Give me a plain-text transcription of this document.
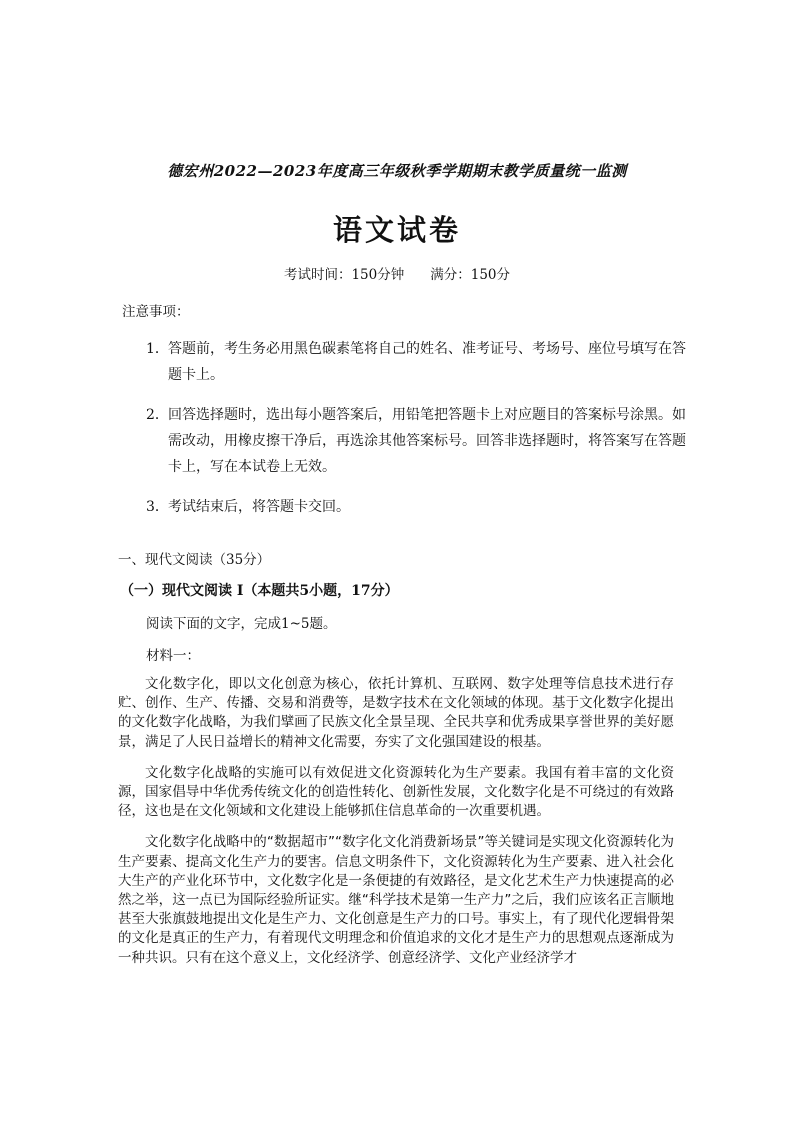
德宏州2022—2023年度高三年级秋季学期期末教学质量统一监测
语文试卷
考试时间：150分钟 满分：150分
注意事项：
1． 答题前，考生务必用黑色碳素笔将自己的姓名、准考证号、考场号、座位号填写在答题卡上。
2． 回答选择题时，选出每小题答案后，用铅笔把答题卡上对应题目的答案标号涂黑。如需改动，用橡皮擦干净后，再选涂其他答案标号。回答非选择题时，将答案写在答题卡上，写在本试卷上无效。
3． 考试结束后，将答题卡交回。
一、现代文阅读（35分）
（一）现代文阅读 I（本题共5小题，17分）
阅读下面的文字，完成1~5题。
材料一：

文化数字化，即以文化创意为核心，依托计算机、互联网、数字处理等信息技术进行存贮、创作、生产、传播、交易和消费等，是数字技术在文化领域的体现。基于文化数字化提出的文化数字化战略，为我们擘画了民族文化全景呈现、全民共享和优秀成果享誉世界的美好愿景，满足了人民日益增长的精神文化需要，夯实了文化强国建设的根基。

文化数字化战略的实施可以有效促进文化资源转化为生产要素。我国有着丰富的文化资源，国家倡导中华优秀传统文化的创造性转化、创新性发展，文化数字化是不可绕过的有效路径，这也是在文化领域和文化建设上能够抓住信息革命的一次重要机遇。

文化数字化战略中的“数据超市”“数字化文化消费新场景”等关键词是实现文化资源转化为生产要素、提高文化生产力的要害。信息文明条件下，文化资源转化为生产要素、进入社会化大生产的产业化环节中，文化数字化是一条便捷的有效路径，是文化艺术生产力快速提高的必然之举，这一点已为国际经验所证实。继“科学技术是第一生产力”之后，我们应该名正言顺地甚至大张旗鼓地提出文化是生产力、文化创意是生产力的口号。事实上，有了现代化逻辑骨架的文化是真正的生产力，有着现代文明理念和价值追求的文化才是生产力的思想观点逐渐成为一种共识。只有在这个意义上，文化经济学、创意经济学、文化产业经济学才
